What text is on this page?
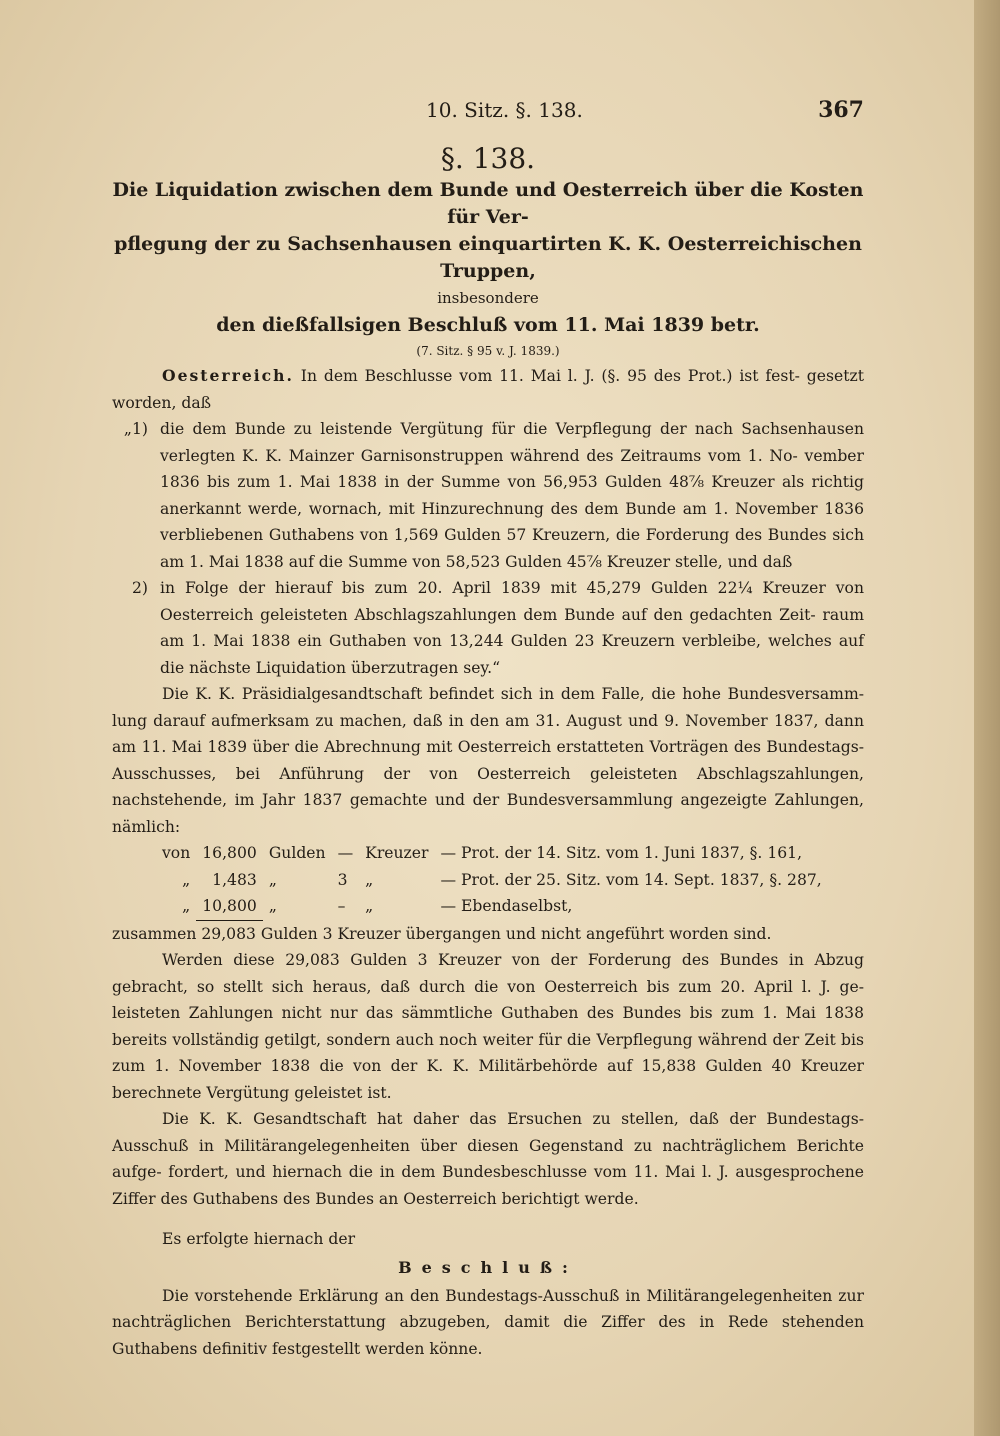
10. Sitz. §. 138.	367
§. 138.
Die Liquidation zwischen dem Bunde und Oesterreich über die Kosten für Ver-
pflegung der zu Sachsenhausen einquartirten K. K. Oesterreichischen Truppen,
insbesondere
den dießfallsigen Beschluß vom 11. Mai 1839 betr.
(7. Sitz. § 95 v. J. 1839.)

Oesterreich. In dem Beschlusse vom 11. Mai l. J. (§. 95 des Prot.) ist fest- gesetzt worden, daß

„1) die dem Bunde zu leistende Vergütung für die Verpflegung der nach Sachsenhausen verlegten K. K. Mainzer Garnisonstruppen während des Zeitraums vom 1. No- vember 1836 bis zum 1. Mai 1838 in der Summe von 56,953 Gulden 48⅞ Kreuzer als richtig anerkannt werde, wornach, mit Hinzurechnung des dem Bunde am 1. November 1836 verbliebenen Guthabens von 1,569 Gulden 57 Kreuzern, die Forderung des Bundes sich am 1. Mai 1838 auf die Summe von 58,523 Gulden 45⅞ Kreuzer stelle, und daß
2) in Folge der hierauf bis zum 20. April 1839 mit 45,279 Gulden 22¼ Kreuzer von Oesterreich geleisteten Abschlagszahlungen dem Bunde auf den gedachten Zeit- raum am 1. Mai 1838 ein Guthaben von 13,244 Gulden 23 Kreuzern verbleibe, welches auf die nächste Liquidation überzutragen sey.“

Die K. K. Präsidialgesandtschaft befindet sich in dem Falle, die hohe Bundesversamm- lung darauf aufmerksam zu machen, daß in den am 31. August und 9. November 1837, dann am 11. Mai 1839 über die Abrechnung mit Oesterreich erstatteten Vorträgen des Bundestags-Ausschusses, bei Anführung der von Oesterreich geleisteten Abschlagszahlungen, nachstehende, im Jahr 1837 gemachte und der Bundesversammlung angezeigte Zahlungen, nämlich:

von	16,800	Gulden	—	Kreuzer	— Prot. der 14. Sitz. vom 1. Juni 1837, §. 161,
„	1,483	„	3	„	— Prot. der 25. Sitz. vom 14. Sept. 1837, §. 287,
„	10,800	„	–	„	— Ebendaselbst,

zusammen 29,083 Gulden 3 Kreuzer übergangen und nicht angeführt worden sind.

Werden diese 29,083 Gulden 3 Kreuzer von der Forderung des Bundes in Abzug gebracht, so stellt sich heraus, daß durch die von Oesterreich bis zum 20. April l. J. ge- leisteten Zahlungen nicht nur das sämmtliche Guthaben des Bundes bis zum 1. Mai 1838 bereits vollständig getilgt, sondern auch noch weiter für die Verpflegung während der Zeit bis zum 1. November 1838 die von der K. K. Militärbehörde auf 15,838 Gulden 40 Kreuzer berechnete Vergütung geleistet ist.

Die K. K. Gesandtschaft hat daher das Ersuchen zu stellen, daß der Bundestags- Ausschuß in Militärangelegenheiten über diesen Gegenstand zu nachträglichem Berichte aufge- fordert, und hiernach die in dem Bundesbeschlusse vom 11. Mai l. J. ausgesprochene Ziffer des Guthabens des Bundes an Oesterreich berichtigt werde.

Es erfolgte hiernach der

Beschluß:

Die vorstehende Erklärung an den Bundestags-Ausschuß in Militärangelegenheiten zur nachträglichen Berichterstattung abzugeben, damit die Ziffer des in Rede stehenden Guthabens definitiv festgestellt werden könne.
